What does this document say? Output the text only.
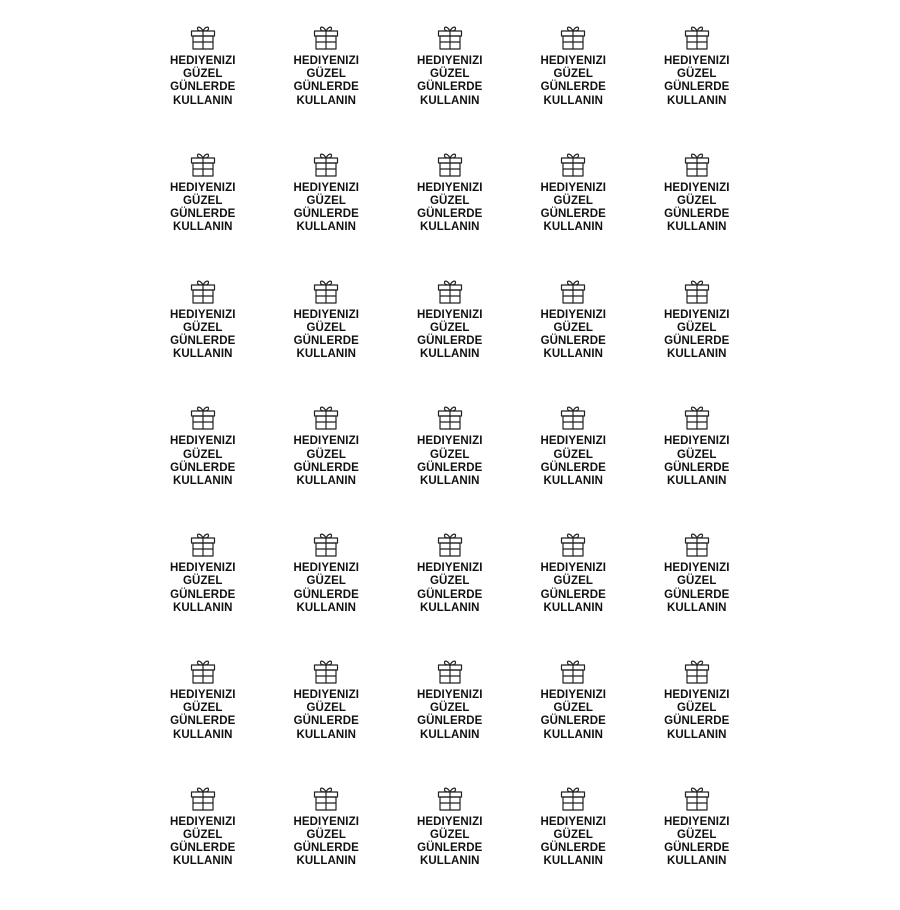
HEDIYENIZI
GÜZEL
GÜNLERDE
KULLANIN
HEDIYENIZI
GÜZEL
GÜNLERDE
KULLANIN
HEDIYENIZI
GÜZEL
GÜNLERDE
KULLANIN
HEDIYENIZI
GÜZEL
GÜNLERDE
KULLANIN
HEDIYENIZI
GÜZEL
GÜNLERDE
KULLANIN
HEDIYENIZI
GÜZEL
GÜNLERDE
KULLANIN
HEDIYENIZI
GÜZEL
GÜNLERDE
KULLANIN
HEDIYENIZI
GÜZEL
GÜNLERDE
KULLANIN
HEDIYENIZI
GÜZEL
GÜNLERDE
KULLANIN
HEDIYENIZI
GÜZEL
GÜNLERDE
KULLANIN
HEDIYENIZI
GÜZEL
GÜNLERDE
KULLANIN
HEDIYENIZI
GÜZEL
GÜNLERDE
KULLANIN
HEDIYENIZI
GÜZEL
GÜNLERDE
KULLANIN
HEDIYENIZI
GÜZEL
GÜNLERDE
KULLANIN
HEDIYENIZI
GÜZEL
GÜNLERDE
KULLANIN
HEDIYENIZI
GÜZEL
GÜNLERDE
KULLANIN
HEDIYENIZI
GÜZEL
GÜNLERDE
KULLANIN
HEDIYENIZI
GÜZEL
GÜNLERDE
KULLANIN
HEDIYENIZI
GÜZEL
GÜNLERDE
KULLANIN
HEDIYENIZI
GÜZEL
GÜNLERDE
KULLANIN
HEDIYENIZI
GÜZEL
GÜNLERDE
KULLANIN
HEDIYENIZI
GÜZEL
GÜNLERDE
KULLANIN
HEDIYENIZI
GÜZEL
GÜNLERDE
KULLANIN
HEDIYENIZI
GÜZEL
GÜNLERDE
KULLANIN
HEDIYENIZI
GÜZEL
GÜNLERDE
KULLANIN
HEDIYENIZI
GÜZEL
GÜNLERDE
KULLANIN
HEDIYENIZI
GÜZEL
GÜNLERDE
KULLANIN
HEDIYENIZI
GÜZEL
GÜNLERDE
KULLANIN
HEDIYENIZI
GÜZEL
GÜNLERDE
KULLANIN
HEDIYENIZI
GÜZEL
GÜNLERDE
KULLANIN
HEDIYENIZI
GÜZEL
GÜNLERDE
KULLANIN
HEDIYENIZI
GÜZEL
GÜNLERDE
KULLANIN
HEDIYENIZI
GÜZEL
GÜNLERDE
KULLANIN
HEDIYENIZI
GÜZEL
GÜNLERDE
KULLANIN
HEDIYENIZI
GÜZEL
GÜNLERDE
KULLANIN
